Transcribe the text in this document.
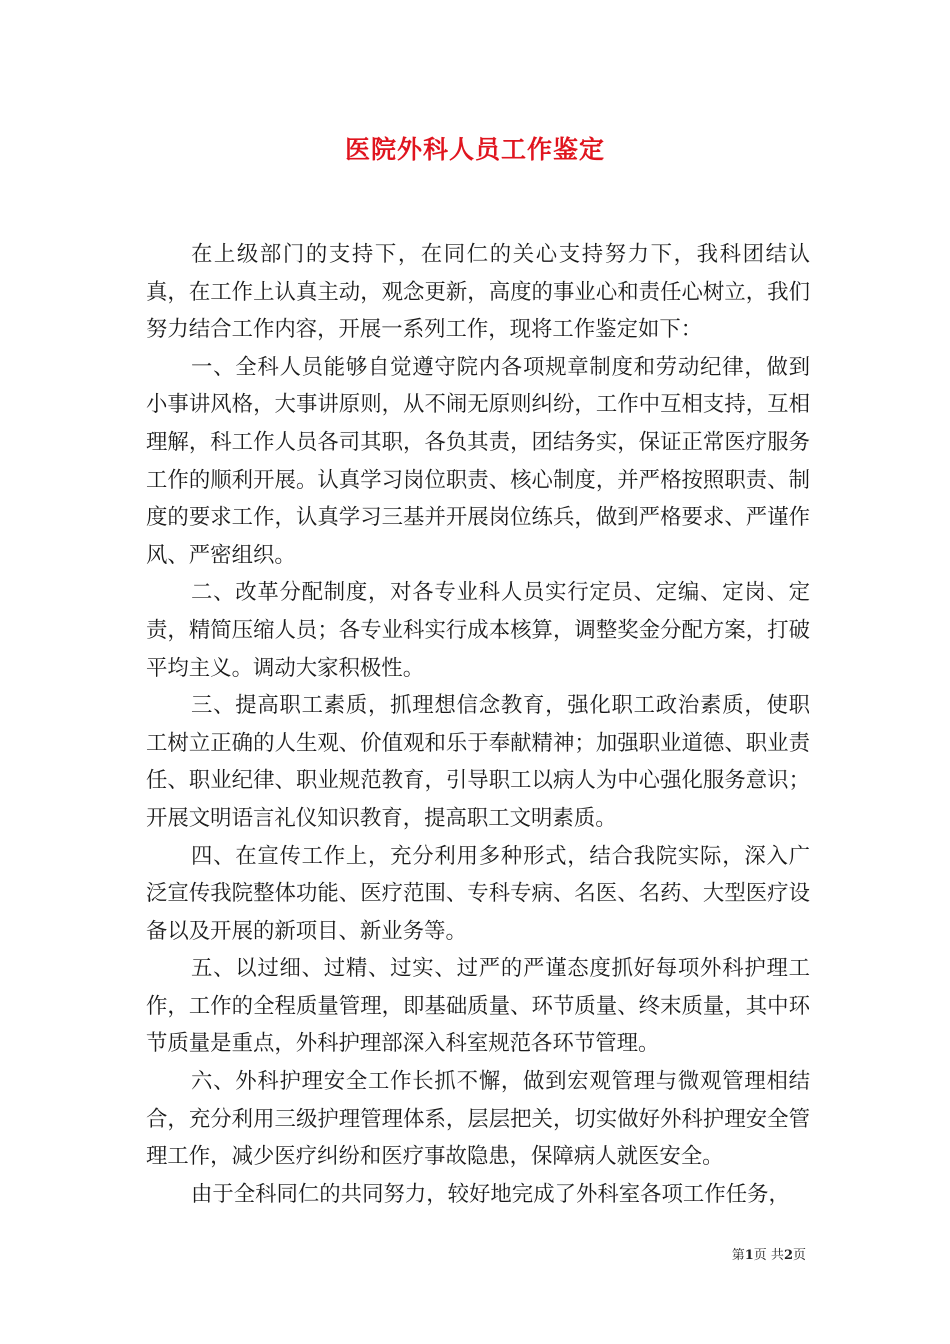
医院外科人员工作鉴定

在上级部门的支持下，在同仁的关心支持努力下，我科团结认真，在工作上认真主动，观念更新，高度的事业心和责任心树立，我们努力结合工作内容，开展一系列工作，现将工作鉴定如下：

一、全科人员能够自觉遵守院内各项规章制度和劳动纪律，做到小事讲风格，大事讲原则，从不闹无原则纠纷，工作中互相支持，互相理解，科工作人员各司其职，各负其责，团结务实，保证正常医疗服务工作的顺利开展。认真学习岗位职责、核心制度，并严格按照职责、制度的要求工作，认真学习三基并开展岗位练兵，做到严格要求、严谨作风、严密组织。

二、改革分配制度，对各专业科人员实行定员、定编、定岗、定责，精简压缩人员；各专业科实行成本核算，调整奖金分配方案，打破平均主义。调动大家积极性。

三、提高职工素质，抓理想信念教育，强化职工政治素质，使职工树立正确的人生观、价值观和乐于奉献精神；加强职业道德、职业责任、职业纪律、职业规范教育，引导职工以病人为中心强化服务意识；开展文明语言礼仪知识教育，提高职工文明素质。

四、在宣传工作上，充分利用多种形式，结合我院实际，深入广泛宣传我院整体功能、医疗范围、专科专病、名医、名药、大型医疗设备以及开展的新项目、新业务等。

五、以过细、过精、过实、过严的严谨态度抓好每项外科护理工作，工作的全程质量管理，即基础质量、环节质量、终末质量，其中环节质量是重点，外科护理部深入科室规范各环节管理。

六、外科护理安全工作长抓不懈，做到宏观管理与微观管理相结合，充分利用三级护理管理体系，层层把关，切实做好外科护理安全管理工作，减少医疗纠纷和医疗事故隐患，保障病人就医安全。

由于全科同仁的共同努力，较好地完成了外科室各项工作任务，

第1页 共2页
